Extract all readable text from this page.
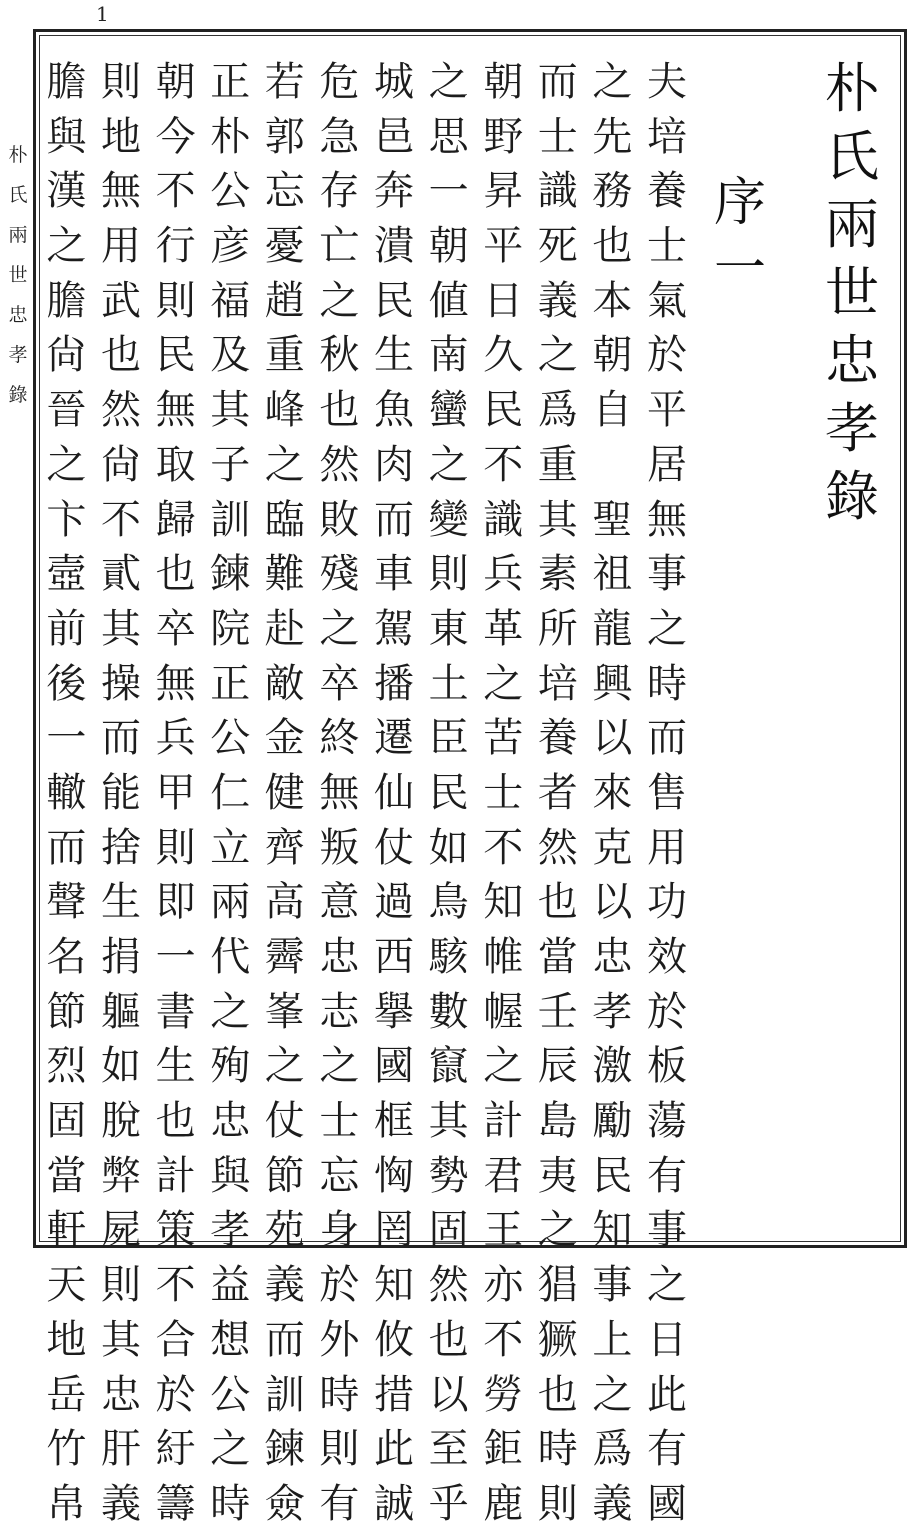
1
朴
氏
兩
世
忠
孝
錄
朴
氏
兩
世
忠
孝
錄
序
一
夫
培
養
士
氣
於
平
居
無
事
之
時
而
售
用
功
效
於
板
蕩
有
事
之
日
此
有
國
之
先
務
也
本
朝
自

聖
祖
龍
興
以
來
克
以
忠
孝
激
勵
民
知
事
上
之
爲
義
而
士
識
死
義
之
爲
重
其
素
所
培
養
者
然
也
當
壬
辰
島
夷
之
猖
獗
也
時
則
朝
野
昇
平
日
久
民
不
識
兵
革
之
苦
士
不
知
帷
幄
之
計
君
王
亦
不
勞
鉅
鹿
之
思
一
朝
値
南
蠻
之
變
則
東
土
臣
民
如
鳥
駭
數
竄
其
勢
固
然
也
以
至
乎
城
邑
奔
潰
民
生
魚
肉
而
車
駕
播
遷
仙
仗
過
西
擧
國
框
恟
罔
知
攸
措
此
誠
危
急
存
亡
之
秋
也
然
敗
殘
之
卒
終
無
叛
意
忠
志
之
士
忘
身
於
外
時
則
有
若
郭
忘
憂
趙
重
峰
之
臨
難
赴
敵
金
健
齊
高
霽
峯
之
仗
節
苑
義
而
訓
鍊
僉
正
朴
公
彦
福
及
其
子
訓
鍊
院
正
公
仁
立
兩
代
之
殉
忠
與
孝
益
想
公
之
時
朝
今
不
行
則
民
無
取
歸
也
卒
無
兵
甲
則
即
一
書
生
也
計
策
不
合
於
紆
籌
則
地
無
用
武
也
然
尙
不
貳
其
操
而
能
捨
生
捐
軀
如
脫
弊
屍
則
其
忠
肝
義
膽
與
漢
之
膽
尙
晉
之
卞
壼
前
後
一
轍
而
聲
名
節
烈
固
當
軒
天
地
岳
竹
帛
